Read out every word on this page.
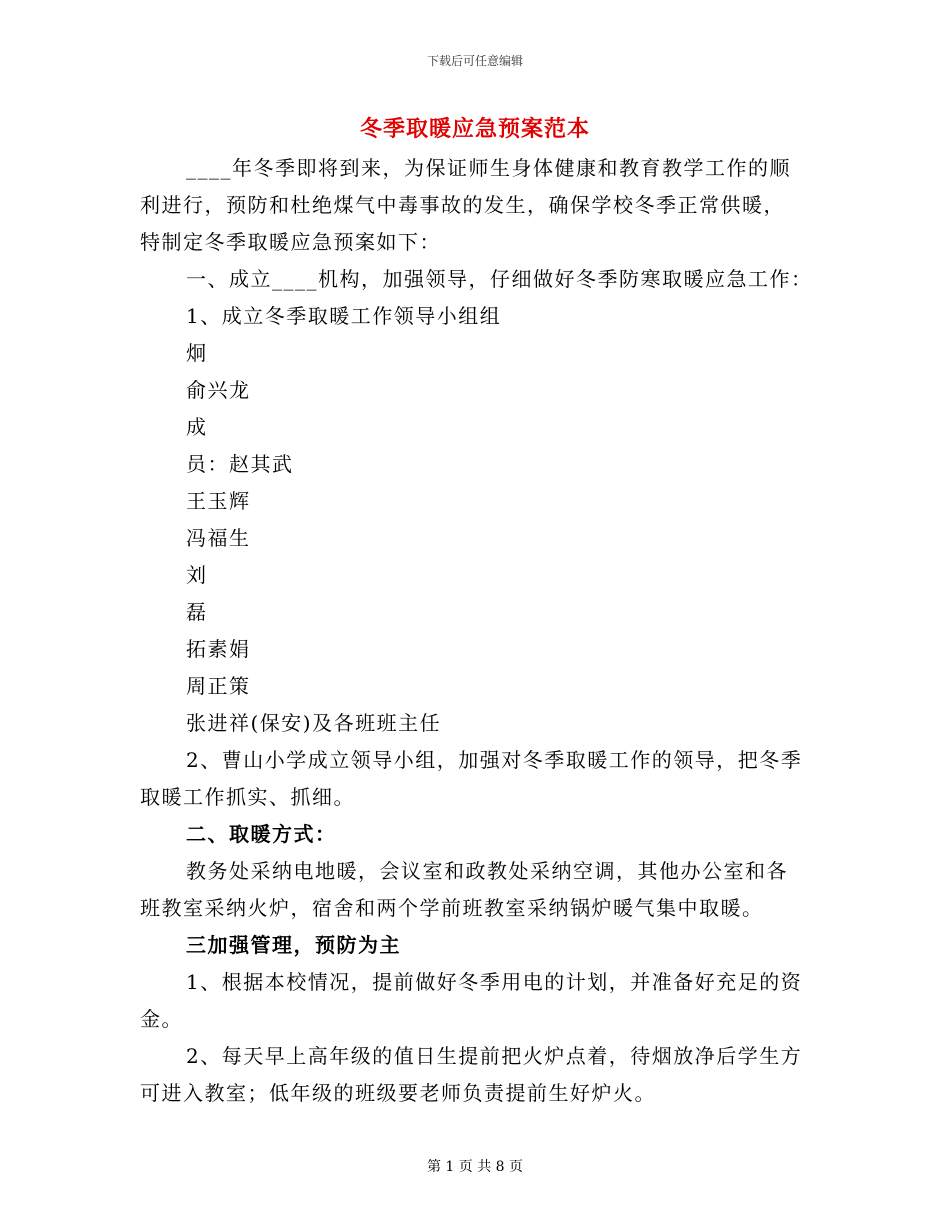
下载后可任意编辑
冬季取暖应急预案范本

____年冬季即将到来，为保证师生身体健康和教育教学工作的顺

利进行，预防和杜绝煤气中毒事故的发生，确保学校冬季正常供暖，

特制定冬季取暖应急预案如下：

一、成立____机构，加强领导，仔细做好冬季防寒取暖应急工作：

1、成立冬季取暖工作领导小组组

炯

俞兴龙

成

员：赵其武

王玉辉

冯福生

刘

磊

拓素娟

周正策

张进祥(保安)及各班班主任

2、曹山小学成立领导小组，加强对冬季取暖工作的领导，把冬季

取暖工作抓实、抓细。

二、取暖方式：

教务处采纳电地暖，会议室和政教处采纳空调，其他办公室和各

班教室采纳火炉，宿舍和两个学前班教室采纳锅炉暖气集中取暖。

三加强管理，预防为主

1、根据本校情况，提前做好冬季用电的计划，并准备好充足的资

金。

2、每天早上高年级的值日生提前把火炉点着，待烟放净后学生方

可进入教室；低年级的班级要老师负责提前生好炉火。

第 1 页 共 8 页
